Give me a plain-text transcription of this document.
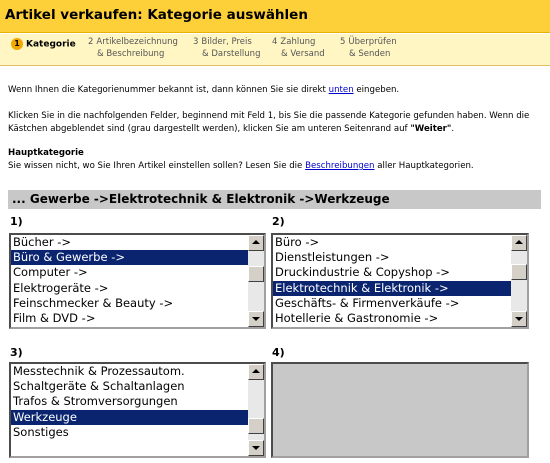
Artikel verkaufen: Kategorie auswählen
1 Kategorie 2 Artikelbezeichnung
& Beschreibung
3 Bilder, Preis
& Darstellung
4 Zahlung
& Versand
5 Überprüfen
& Senden
Wenn Ihnen die Kategorienummer bekannt ist, dann können Sie sie direkt unten eingeben.
Klicken Sie in die nachfolgenden Felder, beginnend mit Feld 1, bis Sie die passende Kategorie gefunden haben. Wenn die Kästchen abgeblendet sind (grau dargestellt werden), klicken Sie am unteren Seitenrand auf "Weiter".
Hauptkategorie
Sie wissen nicht, wo Sie Ihren Artikel einstellen sollen? Lesen Sie die Beschreibungen aller Hauptkategorien.
... Gewerbe ->Elektrotechnik & Elektronik ->Werkzeuge
1)	2)
3)	4)
Bücher ->
Büro & Gewerbe ->
Computer ->
Elektrogeräte ->
Feinschmecker & Beauty ->
Film & DVD ->
Büro ->
Dienstleistungen ->
Druckindustrie & Copyshop ->
Elektrotechnik & Elektronik ->
Geschäfts- & Firmenverkäufe ->
Hotellerie & Gastronomie ->
Messtechnik & Prozessautom.
Schaltgeräte & Schaltanlagen
Trafos & Stromversorgungen
Werkzeuge
Sonstiges
